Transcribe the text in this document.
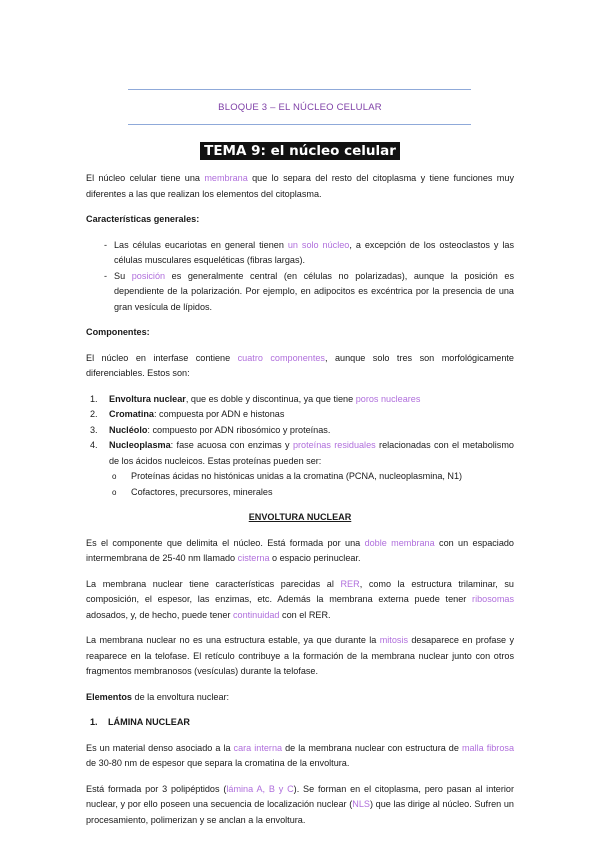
BLOQUE 3 – EL NÚCLEO CELULAR
TEMA 9: el núcleo celular

El núcleo celular tiene una membrana que lo separa del resto del citoplasma y tiene funciones muy diferentes a las que realizan los elementos del citoplasma.

Características generales:
- Las células eucariotas en general tienen un solo núcleo, a excepción de los osteoclastos y las células musculares esqueléticas (fibras largas).
- Su posición es generalmente central (en células no polarizadas), aunque la posición es dependiente de la polarización. Por ejemplo, en adipocitos es excéntrica por la presencia de una gran vesícula de lípidos.
Componentes:

El núcleo en interfase contiene cuatro componentes, aunque solo tres son morfológicamente diferenciables. Estos son:

1. Envoltura nuclear, que es doble y discontinua, ya que tiene poros nucleares
2. Cromatina: compuesta por ADN e histonas
3. Nucléolo: compuesto por ADN ribosómico y proteínas.
4. Nucleoplasma: fase acuosa con enzimas y proteínas residuales relacionadas con el metabolismo de los ácidos nucleicos. Estas proteínas pueden ser:
o Proteínas ácidas no histónicas unidas a la cromatina (PCNA, nucleoplasmina, N1)
o Cofactores, precursores, minerales
ENVOLTURA NUCLEAR

Es el componente que delimita el núcleo. Está formada por una doble membrana con un espaciado intermembrana de 25-40 nm llamado cisterna o espacio perinuclear.

La membrana nuclear tiene características parecidas al RER, como la estructura trilaminar, su composición, el espesor, las enzimas, etc. Además la membrana externa puede tener ribosomas adosados, y, de hecho, puede tener continuidad con el RER.

La membrana nuclear no es una estructura estable, ya que durante la mitosis desaparece en profase y reaparece en la telofase. El retículo contribuye a la formación de la membrana nuclear junto con otros fragmentos membranosos (vesículas) durante la telofase.

Elementos de la envoltura nuclear:

1. LÁMINA NUCLEAR

Es un material denso asociado a la cara interna de la membrana nuclear con estructura de malla fibrosa de 30-80 nm de espesor que separa la cromatina de la envoltura.

Está formada por 3 polipéptidos (lámina A, B y C). Se forman en el citoplasma, pero pasan al interior nuclear, y por ello poseen una secuencia de localización nuclear (NLS) que las dirige al núcleo. Sufren un procesamiento, polimerizan y se anclan a la envoltura.
